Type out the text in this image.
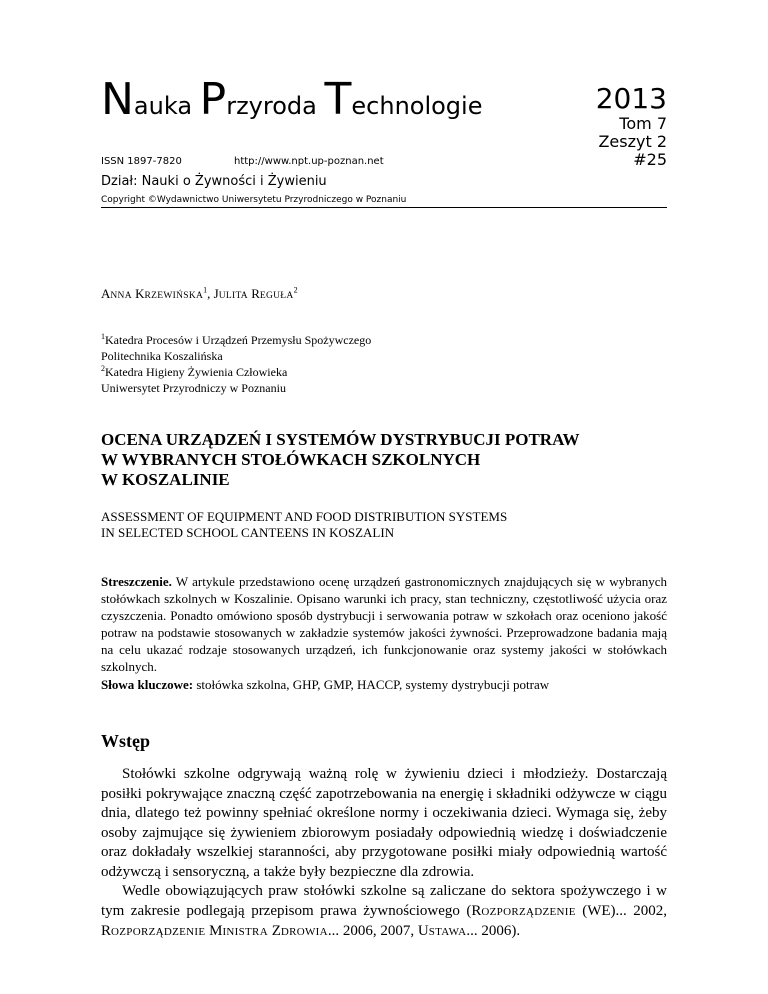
Nauka Przyroda Technologie
ISSN 1897-7820	http://www.npt.up-poznan.net
Dział: Nauki o Żywności i Żywieniu
Copyright ©Wydawnictwo Uniwersytetu Przyrodniczego w Poznaniu
2013
Tom 7
Zeszyt 2
#25
ANNA KRZEWIŃSKA$^1$, JULITA REGUŁA$^2$
$^1$Katedra Procesów i Urządzeń Przemysłu Spożywczego
Politechnika Koszalińska
$^2$Katedra Higieny Żywienia Człowieka
Uniwersytet Przyrodniczy w Poznaniu
OCENA URZĄDZEŃ I SYSTEMÓW DYSTRYBUCJI POTRAW
W WYBRANYCH STOŁÓWKACH SZKOLNYCH
W KOSZALINIE
ASSESSMENT OF EQUIPMENT AND FOOD DISTRIBUTION SYSTEMS
IN SELECTED SCHOOL CANTEENS IN KOSZALIN
Streszczenie. W artykule przedstawiono ocenę urządzeń gastronomicznych znajdujących się w wybranych stołówkach szkolnych w Koszalinie. Opisano warunki ich pracy, stan techniczny, częstotliwość użycia oraz czyszczenia. Ponadto omówiono sposób dystrybucji i serwowania potraw w szkołach oraz oceniono jakość potraw na podstawie stosowanych w zakładzie systemów jakości żywności. Przeprowadzone badania mają na celu ukazać rodzaje stosowanych urządzeń, ich funkcjonowanie oraz systemy jakości w stołówkach szkolnych.
Słowa kluczowe: stołówka szkolna, GHP, GMP, HACCP, systemy dystrybucji potraw
Wstęp

Stołówki szkolne odgrywają ważną rolę w żywieniu dzieci i młodzieży. Dostarczają posiłki pokrywające znaczną część zapotrzebowania na energię i składniki odżywcze w ciągu dnia, dlatego też powinny spełniać określone normy i oczekiwania dzieci. Wymaga się, żeby osoby zajmujące się żywieniem zbiorowym posiadały odpowiednią wiedzę i doświadczenie oraz dokładały wszelkiej staranności, aby przygotowane posiłki miały odpowiednią wartość odżywczą i sensoryczną, a także były bezpieczne dla zdrowia.

Wedle obowiązujących praw stołówki szkolne są zaliczane do sektora spożywczego i w tym zakresie podlegają przepisom prawa żywnościowego (ROZPORZĄDZENIE (WE)... 2002, ROZPORZĄDZENIE MINISTRA ZDROWIA... 2006, 2007, USTAWA... 2006).
